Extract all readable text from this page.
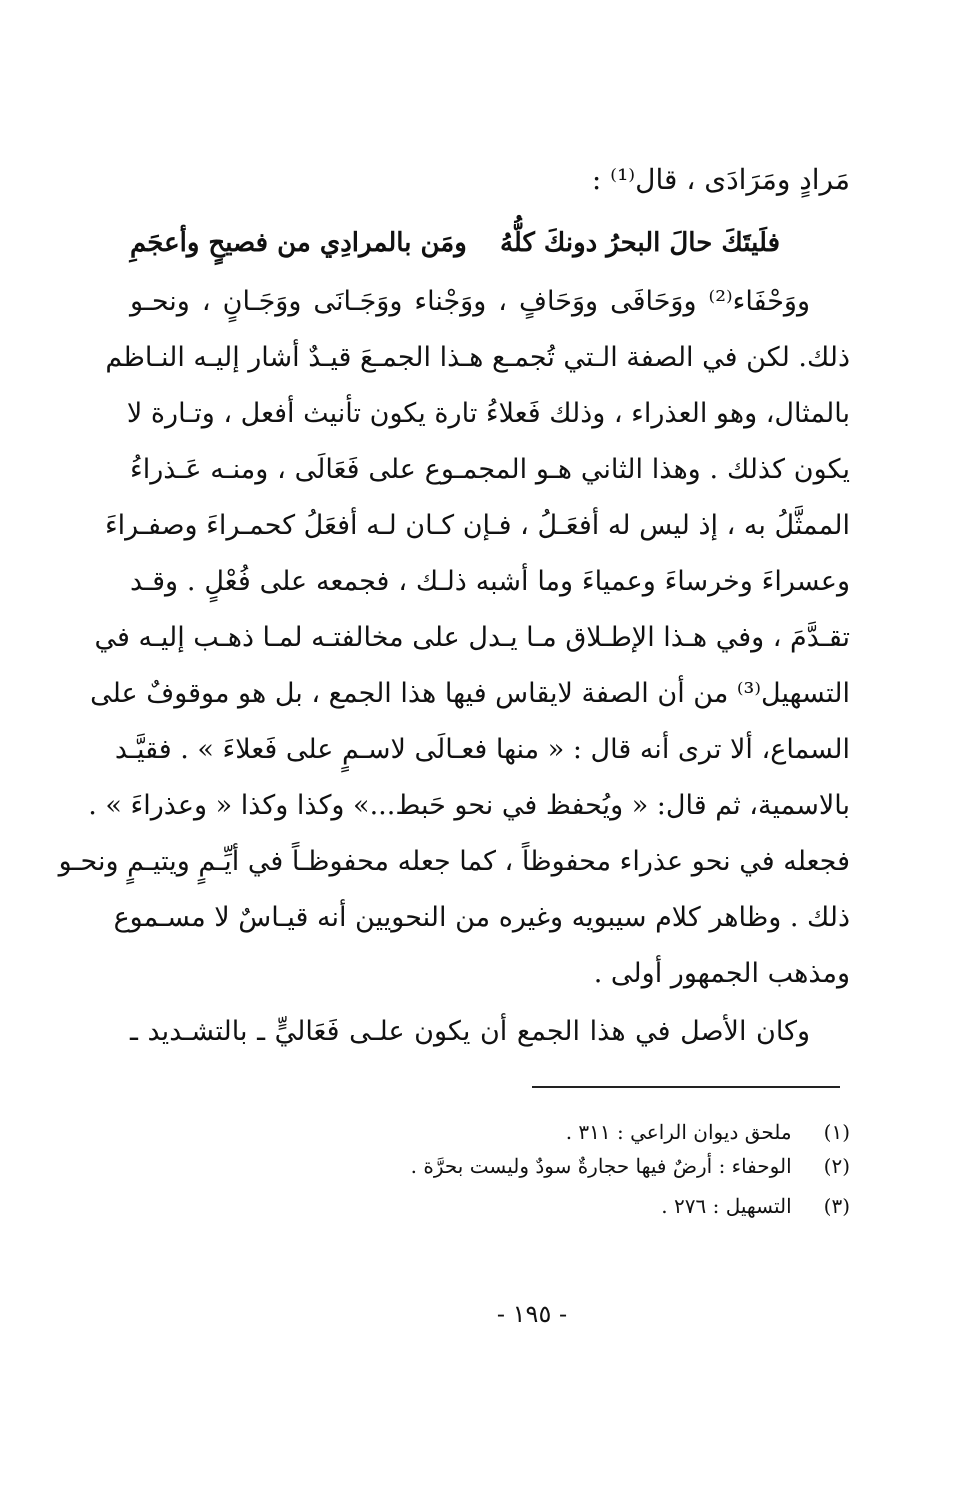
مَرادٍ ومَرَادَى ، قال⁽¹⁾ :
فلَيتَكَ حالَ البحرُ دونكَ كلُّهُ
ومَن بالمرادِي من فصيحٍ وأعجَمِ
ووَحْفَاء⁽²⁾ ووَحَافَى ووَحَافٍ ، ووَجْناء ووَجَـانَى ووَجَـانٍ ، ونحـو
ذلك. لكن في الصفة الـتي تُجمـع هـذا الجمـعَ قيـدٌ أشار إليـه النـاظم
بالمثال، وهو العذراء ، وذلك فَعلاءُ تارة يكون تأنيث أفعل ، وتـارة لا
يكون كذلك . وهذا الثاني هـو المجمـوع على فَعَالَى ، ومنـه عَـذراءُ
الممثَّلُ به ، إذ ليس له أفعَـلُ ، فـإن كـان لـه أفعَلُ كحمـراءَ وصفـراءَ
وعسراءَ وخرساءَ وعمياءَ وما أشبه ذلـك ، فجمعه على فُعْلٍ . وقـد
تقـدَّمَ ، وفي هـذا الإطـلاق مـا يـدل على مخالفتـه لمـا ذهـب إليـه في
التسهيل⁽³⁾ من أن الصفة لايقاس فيها هذا الجمع ، بل هو موقوفٌ على
السماع، ألا ترى أنه قال : « منها فعـالَى لاسـمٍ على فَعلاءَ » . فقيَّـد
بالاسمية، ثم قال: « ويُحفظ في نحو حَبط...» وكذا وكذا « وعذراءَ » .
فجعله في نحو عذراء محفوظاً ، كما جعله محفوظـاً في أيِّـمٍ ويتيـمٍ ونحـو
ذلك . وظاهر كلام سيبويه وغيره من النحويين أنه قيـاسٌ لا مسـموع
ومذهب الجمهور أولى .
وكان الأصل في هذا الجمع أن يكون علـى فَعَاليٍّ ـ بالتشـديد ـ
(١) ملحق ديوان الراعي : ٣١١ .
(٢) الوحفاء : أرضٌ فيها حجارةٌ سودٌ وليست بحرَّة .
(٣) التسهيل : ٢٧٦ .
- ١٩٥ -
